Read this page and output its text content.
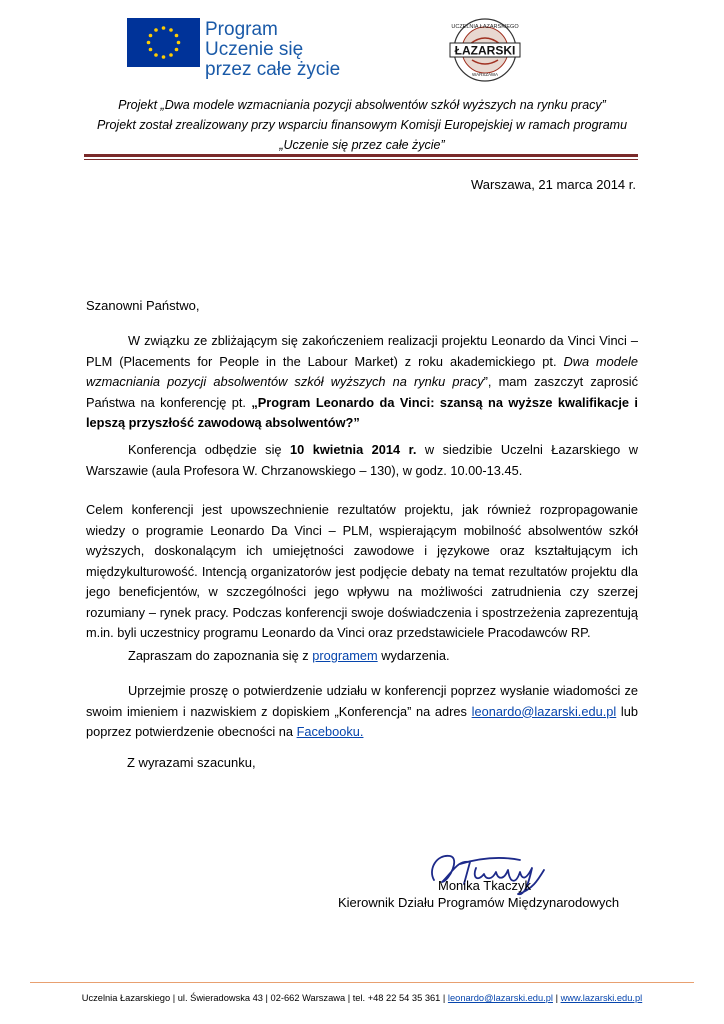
Program
Uczenie się
przez całe życie
ŁAZARSKI
UCZELNIA ŁAZARSKIEGO
WARSZAWA
Projekt „Dwa modele wzmacniania pozycji absolwentów szkół wyższych na rynku pracy”
Projekt został zrealizowany przy wsparciu finansowym Komisji Europejskiej w ramach programu
„Uczenie się przez całe życie”
Warszawa, 21 marca 2014 r.
Szanowni Państwo,
W związku ze zbliżającym się zakończeniem realizacji projektu Leonardo da Vinci Vinci – PLM (Placements for People in the Labour Market) z roku akademickiego pt. Dwa modele wzmacniania pozycji absolwentów szkół wyższych na rynku pracy”, mam zaszczyt zaprosić Państwa na konferencję pt. „Program Leonardo da Vinci: szansą na wyższe kwalifikacje i lepszą przyszłość zawodową absolwentów?”
Konferencja odbędzie się 10 kwietnia 2014 r. w siedzibie Uczelni Łazarskiego w Warszawie (aula Profesora W. Chrzanowskiego – 130), w godz. 10.00-13.45.
Celem konferencji jest upowszechnienie rezultatów projektu, jak również rozpropagowanie wiedzy o programie Leonardo Da Vinci – PLM, wspierającym mobilność absolwentów szkół wyższych, doskonalącym ich umiejętności zawodowe i językowe oraz kształtującym ich międzykulturowość. Intencją organizatorów jest podjęcie debaty na temat rezultatów projektu dla jego beneficjentów, w szczególności jego wpływu na możliwości zatrudnienia czy szerzej rozumiany – rynek pracy. Podczas konferencji swoje doświadczenia i spostrzeżenia zaprezentują m.in. byli uczestnicy programu Leonardo da Vinci oraz przedstawiciele Pracodawców RP.
Zapraszam do zapoznania się z programem wydarzenia.
Uprzejmie proszę o potwierdzenie udziału w konferencji poprzez wysłanie wiadomości ze swoim imieniem i nazwiskiem z dopiskiem „Konferencja” na adres leonardo@lazarski.edu.pl lub poprzez potwierdzenie obecności na Facebooku.
Z wyrazami szacunku,
Monika Tkaczyk
Kierownik Działu Programów Międzynarodowych
Uczelnia Łazarskiego | ul. Świeradowska 43 | 02-662 Warszawa | tel. +48 22 54 35 361 | leonardo@lazarski.edu.pl | www.lazarski.edu.pl
